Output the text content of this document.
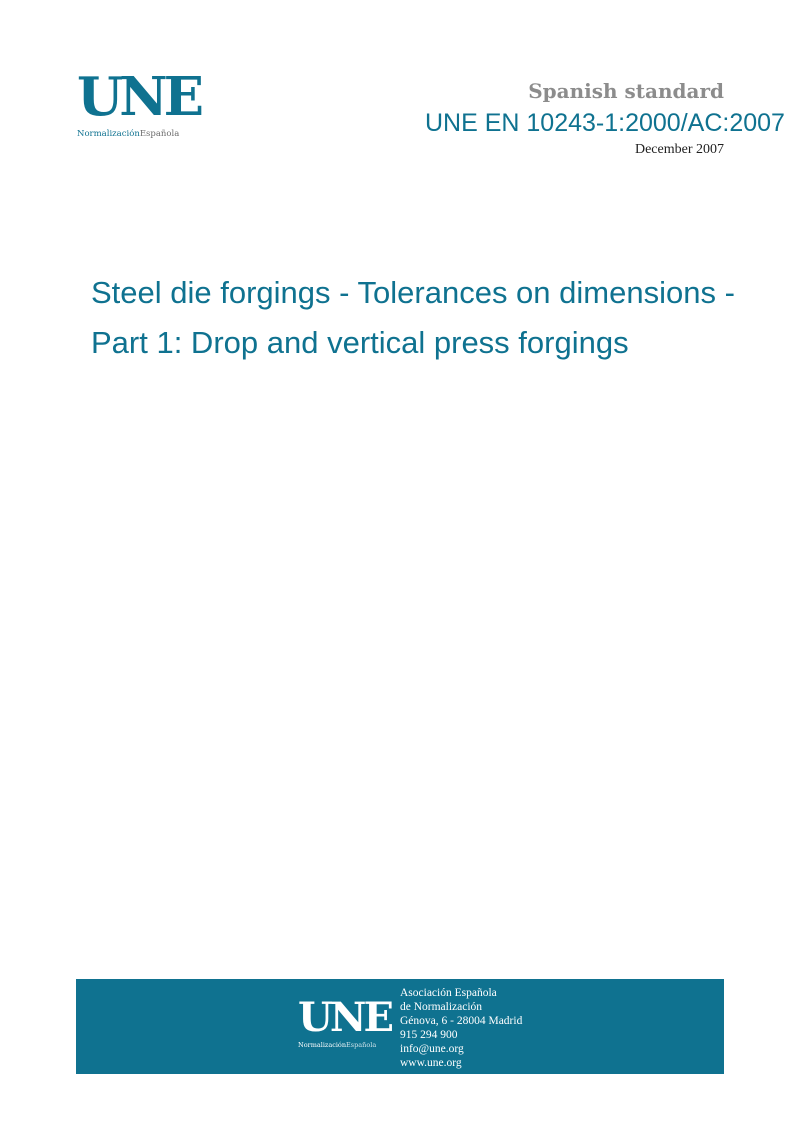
UNE
NormalizaciónEspañola
Spanish standard
December 2007
UNE EN 10243-1:2000/AC:2007
Steel die forgings - Tolerances on dimensions - Part 1: Drop and vertical press forgings
UNE
NormalizaciónEspañola
Asociación Española
de Normalización
Génova, 6 - 28004 Madrid
915 294 900
info@une.org
www.une.org
